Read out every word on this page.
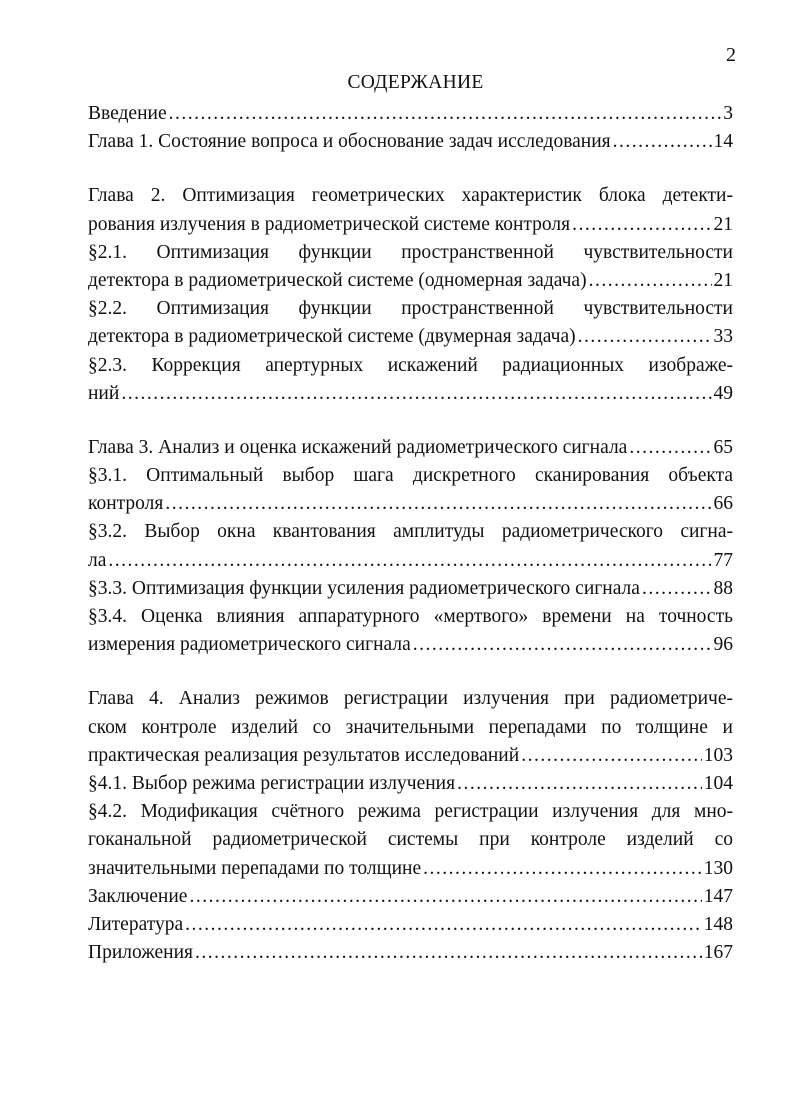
2
СОДЕРЖАНИЕ
Введение .....	3
Глава 1. Состояние вопроса и обоснование задач исследования .....	14
Глава 2. Оптимизация геометрических характеристик блока детекти-
рования излучения в радиометрической системе контроля .....	21
§2.1. Оптимизация функции пространственной чувствительности
детектора в радиометрической системе (одномерная задача) .....	21
§2.2. Оптимизация функции пространственной чувствительности
детектора в радиометрической системе (двумерная задача) .....	33
§2.3. Коррекция апертурных искажений радиационных изображе-
ний .....	49
Глава 3. Анализ и оценка искажений радиометрического сигнала .....	65
§3.1. Оптимальный выбор шага дискретного сканирования объекта
контроля .....	66
§3.2. Выбор окна квантования амплитуды радиометрического сигна-
ла .....	77
§3.3. Оптимизация функции усиления радиометрического сигнала .....	88
§3.4. Оценка влияния аппаратурного «мертвого» времени на точность
измерения радиометрического сигнала .....	96
Глава 4. Анализ режимов регистрации излучения при радиометриче-
ском контроле изделий со значительными перепадами по толщине и
практическая реализация результатов исследований .....	103
§4.1. Выбор режима регистрации излучения .....	104
§4.2. Модификация счётного режима регистрации излучения для мно-
гоканальной радиометрической системы при контроле изделий со
значительными перепадами по толщине .....	130
Заключение .....	147
Литература .....	148
Приложения .....	167
